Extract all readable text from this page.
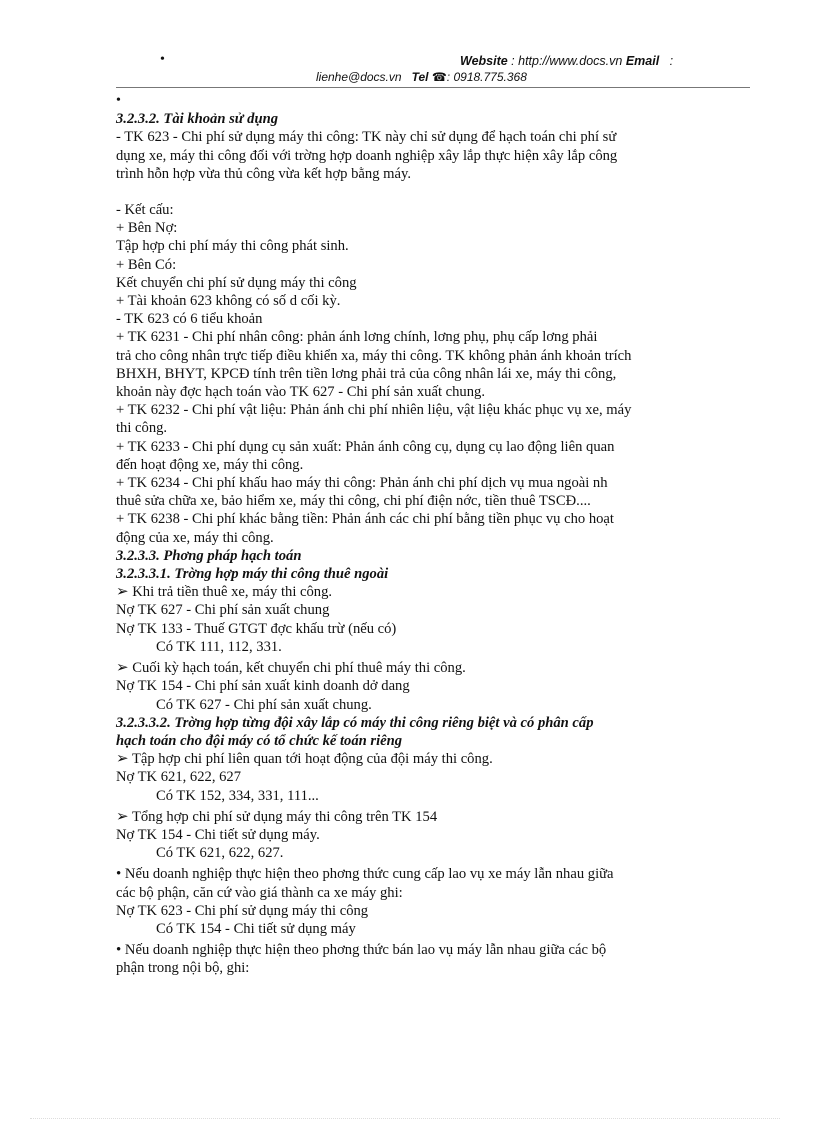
•	Website : http://www.docs.vn Email   :
lienhe@docs.vn Tel ☎: 0918.775.368

•

3.2.3.2. Tài khoản sử dụng

- TK 623 - Chi phí sử dụng máy thi công: TK này chỉ sử dụng để hạch toán chi phí sử

dụng xe, máy thi công đối với trờng hợp doanh nghiệp xây lắp thực hiện xây lắp công

trình hỗn hợp vừa thủ công vừa kết hợp bằng máy.

- Kết cấu:

+ Bên Nợ:

Tập hợp chi phí máy thi công phát sinh.

+ Bên Có:

Kết chuyển chi phí sử dụng máy thi công

+ Tài khoản 623 không có số d cối kỳ.

- TK 623 có 6 tiểu khoản

+ TK 6231 - Chi phí nhân công: phản ánh lơng chính, lơng phụ, phụ cấp lơng phải

trả cho công nhân trực tiếp điều khiển xa, máy thi công. TK không phản ánh khoản trích

BHXH, BHYT, KPCĐ tính trên tiền lơng phải trả của công nhân lái xe, máy thi công,

khoản này đợc hạch toán vào TK 627 - Chi phí sản xuất chung.

+ TK 6232 - Chi phí vật liệu: Phản ánh chi phí nhiên liệu, vật liệu khác phục vụ xe, máy

thi công.

+ TK 6233 - Chi phí dụng cụ sản xuất: Phản ánh công cụ, dụng cụ lao động liên quan

đến hoạt động xe, máy thi công.

+ TK 6234 - Chi phí khấu hao máy thi công: Phản ánh chi phí dịch vụ mua ngoài nh

thuê sửa chữa xe, bảo hiểm xe, máy thi công, chi phí điện nớc, tiền thuê TSCĐ....

+ TK 6238 - Chi phí khác bằng tiền: Phản ánh các chi phí bằng tiền phục vụ cho hoạt

động của xe, máy thi công.

3.2.3.3. Phơng pháp hạch toán

3.2.3.3.1. Trờng hợp máy thi công thuê ngoài

➢ Khi trả tiền thuê xe, máy thi công.

Nợ TK 627 - Chi phí sản xuất chung

Nợ TK 133 - Thuế GTGT đợc khấu trừ (nếu có)

Có TK 111, 112, 331.

➢ Cuối kỳ hạch toán, kết chuyển chi phí thuê máy thi công.

Nợ TK 154 - Chi phí sản xuất kinh doanh dở dang

Có TK 627 - Chi phí sản xuất chung.

3.2.3.3.2. Trờng hợp từng đội xây lắp có máy thi công riêng biệt và có phân cấp

hạch toán cho đội máy có tổ chức kế toán riêng

➢ Tập hợp chi phí liên quan tới hoạt động của đội máy thi công.

Nợ TK 621, 622, 627

Có TK 152, 334, 331, 111...

➢ Tổng hợp chi phí sử dụng máy thi công trên TK 154

Nợ TK 154 - Chi tiết sử dụng máy.

Có TK 621, 622, 627.

• Nếu doanh nghiệp thực hiện theo phơng thức cung cấp lao vụ xe máy lẫn nhau giữa

các bộ phận, căn cứ vào giá thành ca xe máy ghi:

Nợ TK 623 - Chi phí sử dụng máy thi công

Có TK 154 - Chi tiết sử dụng máy

• Nếu doanh nghiệp thực hiện theo phơng thức bán lao vụ máy lẫn nhau giữa các bộ

phận trong nội bộ, ghi:
